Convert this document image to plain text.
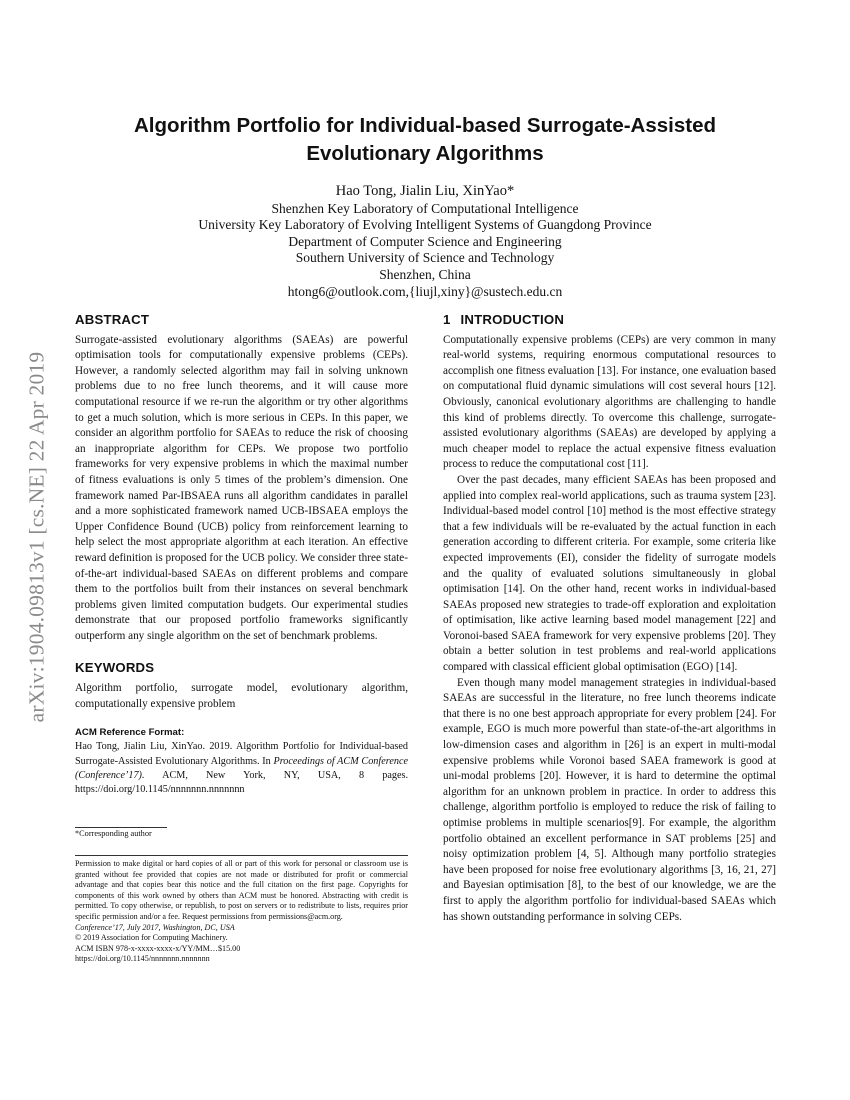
arXiv:1904.09813v1 [cs.NE] 22 Apr 2019
Algorithm Portfolio for Individual-based Surrogate-Assisted Evolutionary Algorithms
Hao Tong, Jialin Liu, XinYao*
Shenzhen Key Laboratory of Computational Intelligence
University Key Laboratory of Evolving Intelligent Systems of Guangdong Province
Department of Computer Science and Engineering
Southern University of Science and Technology
Shenzhen, China
htong6@outlook.com,{liujl,xiny}@sustech.edu.cn
ABSTRACT

Surrogate-assisted evolutionary algorithms (SAEAs) are powerful optimisation tools for computationally expensive problems (CEPs). However, a randomly selected algorithm may fail in solving unknown problems due to no free lunch theorems, and it will cause more computational resource if we re-run the algorithm or try other algorithms to get a much solution, which is more serious in CEPs. In this paper, we consider an algorithm portfolio for SAEAs to reduce the risk of choosing an inappropriate algorithm for CEPs. We propose two portfolio frameworks for very expensive problems in which the maximal number of fitness evaluations is only 5 times of the problem’s dimension. One framework named Par-IBSAEA runs all algorithm candidates in parallel and a more sophisticated framework named UCB-IBSAEA employs the Upper Confidence Bound (UCB) policy from reinforcement learning to help select the most appropriate algorithm at each iteration. An effective reward definition is proposed for the UCB policy. We consider three state-of-the-art individual-based SAEAs on different problems and compare them to the portfolios built from their instances on several benchmark problems given limited computation budgets. Our experimental studies demonstrate that our proposed portfolio frameworks significantly outperform any single algorithm on the set of benchmark problems.

KEYWORDS

Algorithm portfolio, surrogate model, evolutionary algorithm, computationally expensive problem

ACM Reference Format:

Hao Tong, Jialin Liu, XinYao. 2019. Algorithm Portfolio for Individual-based Surrogate-Assisted Evolutionary Algorithms. In Proceedings of ACM Conference (Conference’17). ACM, New York, NY, USA, 8 pages. https://doi.org/10.1145/nnnnnnn.nnnnnnn

*Corresponding author

Permission to make digital or hard copies of all or part of this work for personal or classroom use is granted without fee provided that copies are not made or distributed for profit or commercial advantage and that copies bear this notice and the full citation on the first page. Copyrights for components of this work owned by others than ACM must be honored. Abstracting with credit is permitted. To copy otherwise, or republish, to post on servers or to redistribute to lists, requires prior specific permission and/or a fee. Request permissions from permissions@acm.org.

Conference’17, July 2017, Washington, DC, USA
© 2019 Association for Computing Machinery.
ACM ISBN 978-x-xxxx-xxxx-x/YY/MM…$15.00
https://doi.org/10.1145/nnnnnnn.nnnnnnn
1 INTRODUCTION

Computationally expensive problems (CEPs) are very common in many real-world systems, requiring enormous computational resources to accomplish one fitness evaluation [13]. For instance, one evaluation based on computational fluid dynamic simulations will cost several hours [12]. Obviously, canonical evolutionary algorithms are challenging to handle this kind of problems directly. To overcome this challenge, surrogate-assisted evolutionary algorithms (SAEAs) are developed by applying a much cheaper model to replace the actual expensive fitness evaluation process to reduce the computational cost [11].

Over the past decades, many efficient SAEAs has been proposed and applied into complex real-world applications, such as trauma system [23]. Individual-based model control [10] method is the most effective strategy that a few individuals will be re-evaluated by the actual function in each generation according to different criteria. For example, some criteria like expected improvements (EI), consider the fidelity of surrogate models and the quality of evaluated solutions simultaneously in global optimisation [14]. On the other hand, recent works in individual-based SAEAs proposed new strategies to trade-off exploration and exploitation of optimisation, like active learning based model management [22] and Voronoi-based SAEA framework for very expensive problems [20]. They obtain a better solution in test problems and real-world applications compared with classical efficient global optimisation (EGO) [14].

Even though many model management strategies in individual-based SAEAs are successful in the literature, no free lunch theorems indicate that there is no one best approach appropriate for every problem [24]. For example, EGO is much more powerful than state-of-the-art algorithms in low-dimension cases and algorithm in [26] is an expert in multi-modal expensive problems while Voronoi based SAEA framework is good at uni-modal problems [20]. However, it is hard to determine the optimal algorithm for an unknown problem in practice. In order to address this challenge, algorithm portfolio is employed to reduce the risk of failing to optimise problems in multiple scenarios[9]. For example, the algorithm portfolio obtained an excellent performance in SAT problems [25] and noisy optimization problem [4, 5]. Although many portfolio strategies have been proposed for noise free evolutionary algorithms [3, 16, 21, 27] and Bayesian optimisation [8], to the best of our knowledge, we are the first to apply the algorithm portfolio for individual-based SAEAs which has shown outstanding performance in solving CEPs.
